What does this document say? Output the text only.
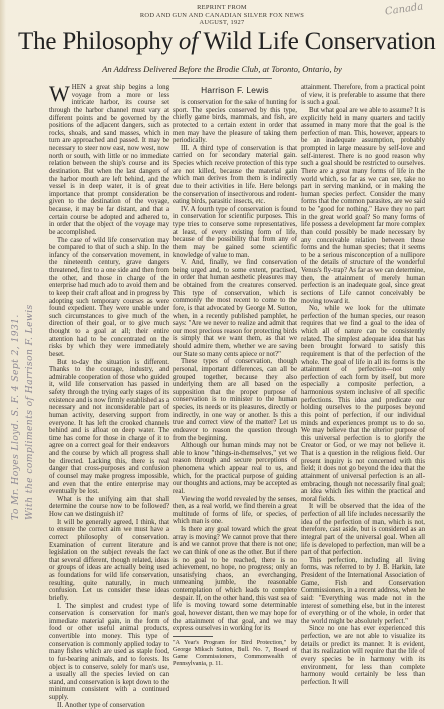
REPRINT FROM
ROD AND GUN AND CANADIAN SILVER FOX NEWS
AUGUST, 1927
Canada
The Philosophy of Wild Life Conservation
An Address Delivered Before the Brodie Club, at Toronto, Ontario, by

WHEN a great ship begins a long voyage from a more or less intricate harbor, its course set through the harbor channel must vary at different points and be governed by the positions of the adjacent dangers, such as rocks, shoals, and sand masses, which in turn are approached and passed. It may be necessary to steer now east, now west, now north or south, with little or no immediate relation between the ship's course and its destination. But when the last dangers of the harbor mouth are left behind, and the vessel is in deep water, it is of great importance that prompt consideration be given to the destination of the voyage, because, it may be far distant, and that a certain course be adopted and adhered to, in order that the object of the voyage may be accomplished.

The case of wild life conservation may be compared to that of such a ship. In the infancy of the conservation movement, in the nineteenth century, grave dangers threatened, first to a one side and then from the other, and those in charge of the enterprise had much ado to avoid them and to keep their craft afloat and in progress by adopting such temporary courses as were found expedient. They were unable under such circumstances to give much of the direction of their goal, or to give much thought to a goal at all; their entire attention had to be concentrated on the risks by which they were immediately beset.

But to-day the situation is different. Thanks to the courage, industry, and admirable cooperation of those who guided it, wild life conservation has passed in safety through the trying early stages of its existence and is now firmly established as a necessary and not inconsiderable part of human activity, deserving support from everyone. It has left the crooked channels behind and is afloat on deep water. The time has come for those in charge of it to agree on a correct goal for their endeavors and the course by which all progress shall be directed. Lacking this, there is real danger that cross-purposes and confusion of counsel may make progress impossible, and even that the entire enterprise may eventually be lost.

What is the unifying aim that shall determine the course now to be followed? How can we distinguish it?

It will be generally agreed, I think, that to ensure the correct aim we must have a correct philosophy of conservation. Examination of current literature and legislation on the subject reveals the fact that several different, though related, ideas or groups of ideas are actually being used as foundations for wild life conservation, resulting, quite naturally, in much confusion. Let us consider these ideas briefly.

I. The simplest and crudest type of conservation is conservation for man's immediate material gain, in the form of food or other useful animal products, convertible into money. This type of conservation is commonly applied today to many fishes which are used as staple food, to fur-bearing animals, and to forests. Its object is to conserve, solely for man's use, a usually all the species levied on can stand, and conservation is kept down to the minimum consistent with a continued supply.

II. Another type of conservation

Harrison F. Lewis

is conservation for the sake of hunting for sport. The species conserved by this type, chiefly game birds, mammals, and fish, are protected to a certain extent in order that men may have the pleasure of taking them periodically.

III. A third type of conservation is that carried on for secondary material gain. Species which receive protection of this type are not killed, because the material gain which man derives from them is indirectly due to their activities in life. Here belongs the conservation of insectivorous and rodent-eating birds, parasitic insects, etc.

IV. A fourth type of conservation is found in conservation for scientific purposes. This type tries to conserve some representatives, at least, of every existing form of life, because of the possibility that from any of them may be gained some scientific knowledge of value to man.

V. And, finally, we find conservation being urged and, to some extent, practised, in order that human aesthetic pleasures may be obtained from the creatures conserved. This type of conservation, which is commonly the most recent to come to the fore, is that advocated by George M. Sutton, when, in a recently published pamphlet, he says: "Are we never to realize and admit that our most precious reason for protecting birds is simply that we want them, as that we should admire them, whether we are saving our State so many cents apiece or not?"

These types of conservation, though personal, important differences, can all be grouped together, because they also underlying them are all based on the supposition that the proper purpose of conservation is to minister to the human species, its needs or its pleasures, directly or indirectly, in one way or another. Is this a true and correct view of the matter? Let us endeavor to reason the question through from the beginning.

Although our human minds may not be able to know "things-in-themselves," yet we reason through and secure perceptions of phenomena which appear real to us, and which, for the practical purpose of guiding our thoughts and actions, may be accepted as real.

Viewing the world revealed by the senses, then, as a real world, we find therein a great multitude of forms of life, or species, of which man is one.

Is there any goal toward which the great array is moving? We cannot prove that there is and we cannot prove that there is not one; we can think of one as the other. But if there is no goal to be reached, there is no achievement, no hope, no progress; only an unsatisfying chaos, an everchanging, unmeaning jumble, the reasonable contemplation of which leads to complete despair. If, on the other hand, this vast sea of life is moving toward some determinable goal, however distant, then we may hope for the attainment of that goal, and we may express ourselves in working for its

"A Year's Program for Bird Protection," by George Miksch Sutton, Bull. No. 7, Board of Game Commissioners, Commonwealth of Pennsylvania, p. 11.

attainment. Therefore, from a practical point of view, it is preferable to assume that there is such a goal.

But what goal are we able to assume? It is explicitly held in many quarters and tacitly assumed in many more that the goal is the perfection of man. This, however, appears to be an inadequate assumption, probably prompted in large measure by self-love and self-interest. There is no good reason why such a goal should be restricted to ourselves. There are a great many forms of life in the world which, so far as we can see, take no part in serving mankind, or in making the human species perfect. Consider the many forms that the common parasites, are we said to be "good for nothing." Have they no part in the great world goal? So many forms of life possess a development far more complex than could possibly be made necessary by any conceivable relation between those forms and the human species; that it seems to be a serious misconception of a nullipore of the details of structure of the wonderful Venus's fly-trap? As far as we can determine, then, the attainment of merely human perfection is an inadequate goal, since great sections of Life cannot conceivably be moving toward it.

No, while we look for the ultimate perfection of the human species, our reason requires that we find a goal to the idea of which all of nature can be consistently related. The simplest adequate idea that has been brought forward to satisfy this requirement is that of the perfection of the whole. The goal of life in all its forms is the attainment of perfection—not only perfection of each form by itself, but more especially a composite perfection, a harmonious system inclusive of all specific perfections. This idea and predicate our holding ourselves to the purposes beyond this point of perfection, if our individual minds and experiences prompt us to do so. We may believe that the ulterior purpose of this universal perfection is to glorify the Creator or God, or we may not believe it. That is a question in the religious field. Our present inquiry is not concerned with this field; it does not go beyond the idea that the attainment of universal perfection is an all-embracing, though not necessarily final goal; an idea which lies within the practical and moral fields.

It will be observed that the idea of the perfection of all life includes necessarily the idea of the perfection of man, which is not, therefore, cast aside, but is considered as an integral part of the universal goal. When all life is developed to perfection, man will be a part of that perfection.

This perfection, including all living forms, was referred to by J. B. Harkin, late President of the International Association of Game, Fish and Conservation Commissioners, in a recent address, when he said: "Everything was made not in the interest of something else, but in the interest of everything or of the whole, in order that the world might be absolutely perfect."

Since no one has ever experienced this perfection, we are not able to visualize its details or predict its manner. It is evident, that its realization will require that the life of every species be in harmony with its environment, for less than complete harmony would certainly be less than perfection. It will

To Mr. Hoyes Lloyd. S. F. 4 Sept 2, 1931. With the compliments of Harrison F. Lewis
